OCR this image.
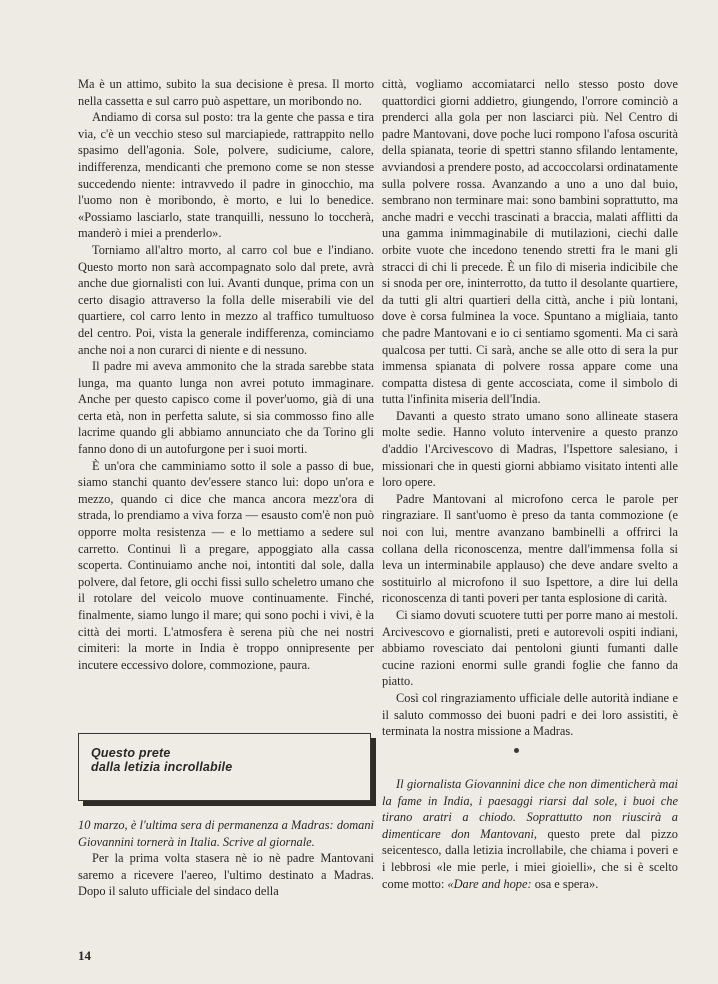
Ma è un attimo, subito la sua decisione è presa. Il morto nella cassetta e sul carro può aspettare, un moribondo no.

Andiamo di corsa sul posto: tra la gente che passa e tira via, c'è un vecchio steso sul marciapiede, rattrappito nello spasimo dell'agonia. Sole, polvere, sudiciume, calore, indifferenza, mendicanti che premono come se non stesse succedendo niente: intravvedo il padre in ginocchio, ma l'uomo non è moribondo, è morto, e lui lo benedice. «Possiamo lasciarlo, state tranquilli, nessuno lo toccherà, manderò i miei a prenderlo».

Torniamo all'altro morto, al carro col bue e l'indiano. Questo morto non sarà accompagnato solo dal prete, avrà anche due giornalisti con lui. Avanti dunque, prima con un certo disagio attraverso la folla delle miserabili vie del quartiere, col carro lento in mezzo al traffico tumultuoso del centro. Poi, vista la generale indifferenza, cominciamo anche noi a non curarci di niente e di nessuno.

Il padre mi aveva ammonito che la strada sarebbe stata lunga, ma quanto lunga non avrei potuto immaginare. Anche per questo capisco come il pover'uomo, già di una certa età, non in perfetta salute, si sia commosso fino alle lacrime quando gli abbiamo annunciato che da Torino gli fanno dono di un autofurgone per i suoi morti.

È un'ora che camminiamo sotto il sole a passo di bue, siamo stanchi quanto dev'essere stanco lui: dopo un'ora e mezzo, quando ci dice che manca ancora mezz'ora di strada, lo prendiamo a viva forza — esausto com'è non può opporre molta resistenza — e lo mettiamo a sedere sul carretto. Continui lì a pregare, appoggiato alla cassa scoperta. Continuiamo anche noi, intontiti dal sole, dalla polvere, dal fetore, gli occhi fissi sullo scheletro umano che il rotolare del veicolo muove continuamente. Finché, finalmente, siamo lungo il mare; qui sono pochi i vivi, è la città dei morti. L'atmosfera è serena più che nei nostri cimiteri: la morte in India è troppo onnipresente per incutere eccessivo dolore, commozione, paura.

città, vogliamo accomiatarci nello stesso posto dove quattordici giorni addietro, giungendo, l'orrore cominciò a prenderci alla gola per non lasciarci più. Nel Centro di padre Mantovani, dove poche luci rompono l'afosa oscurità della spianata, teorie di spettri stanno sfilando lentamente, avviandosi a prendere posto, ad accoccolarsi ordinatamente sulla polvere rossa. Avanzando a uno a uno dal buio, sembrano non terminare mai: sono bambini soprattutto, ma anche madri e vecchi trascinati a braccia, malati afflitti da una gamma inimmaginabile di mutilazioni, ciechi dalle orbite vuote che incedono tenendo stretti fra le mani gli stracci di chi li precede. È un filo di miseria indicibile che si snoda per ore, ininterrotto, da tutto il desolante quartiere, da tutti gli altri quartieri della città, anche i più lontani, dove è corsa fulminea la voce. Spuntano a migliaia, tanto che padre Mantovani e io ci sentiamo sgomenti. Ma ci sarà qualcosa per tutti. Ci sarà, anche se alle otto di sera la pur immensa spianata di polvere rossa appare come una compatta distesa di gente accosciata, come il simbolo di tutta l'infinita miseria dell'India.

Davanti a questo strato umano sono allineate stasera molte sedie. Hanno voluto intervenire a questo pranzo d'addio l'Arcivescovo di Madras, l'Ispettore salesiano, i missionari che in questi giorni abbiamo visitato intenti alle loro opere.

Padre Mantovani al microfono cerca le parole per ringraziare. Il sant'uomo è preso da tanta commozione (e noi con lui, mentre avanzano bambinelli a offrirci la collana della riconoscenza, mentre dall'immensa folla si leva un interminabile applauso) che deve andare svelto a sostituirlo al microfono il suo Ispettore, a dire lui della riconoscenza di tanti poveri per tanta esplosione di carità.

Ci siamo dovuti scuotere tutti per porre mano ai mestoli. Arcivescovo e giornalisti, preti e autorevoli ospiti indiani, abbiamo rovesciato dai pentoloni giunti fumanti dalle cucine razioni enormi sulle grandi foglie che fanno da piatto.

Così col ringraziamento ufficiale delle autorità indiane e il saluto commosso dei buoni padri e dei loro assistiti, è terminata la nostra missione a Madras.

Questo prete
dalla letizia incrollabile

10 marzo, è l'ultima sera di permanenza a Madras: domani Giovannini tornerà in Italia. Scrive al giornale.

Per la prima volta stasera nè io nè padre Mantovani saremo a ricevere l'aereo, l'ultimo destinato a Madras. Dopo il saluto ufficiale del sindaco della

Il giornalista Giovannini dice che non dimenticherà mai la fame in India, i paesaggi riarsi dal sole, i buoi che tirano aratri a chiodo. Soprattutto non riuscirà a dimenticare don Mantovani, questo prete dal pizzo seicentesco, dalla letizia incrollabile, che chiama i poveri e i lebbrosi «le mie perle, i miei gioielli», che si è scelto come motto: «Dare and hope: osa e spera».

14
